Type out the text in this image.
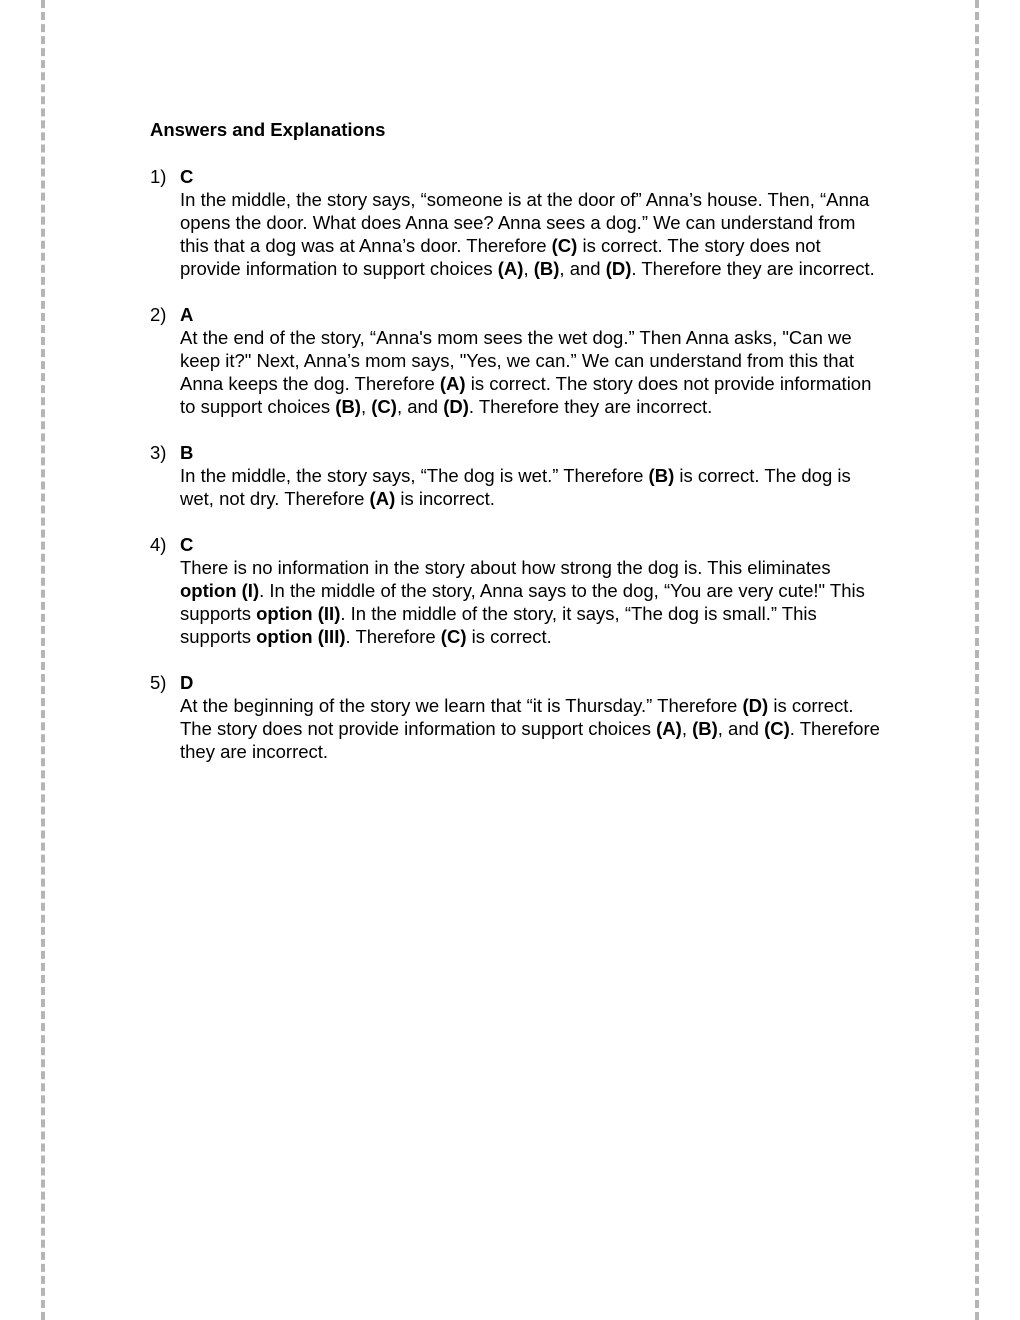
Answers and Explanations
1) C
In the middle, the story says, “someone is at the door of” Anna’s house. Then, “Anna opens the door. What does Anna see? Anna sees a dog.” We can understand from this that a dog was at Anna’s door. Therefore (C) is correct. The story does not provide information to support choices (A), (B), and (D). Therefore they are incorrect.
2) A
At the end of the story, “Anna's mom sees the wet dog.” Then Anna asks, "Can we keep it?" Next, Anna’s mom says, "Yes, we can.” We can understand from this that Anna keeps the dog. Therefore (A) is correct. The story does not provide information to support choices (B), (C), and (D). Therefore they are incorrect.
3) B
In the middle, the story says, “The dog is wet.” Therefore (B) is correct. The dog is wet, not dry. Therefore (A) is incorrect.
4) C
There is no information in the story about how strong the dog is. This eliminates option (I). In the middle of the story, Anna says to the dog, “You are very cute!" This supports option (II). In the middle of the story, it says, “The dog is small.” This supports option (III). Therefore (C) is correct.
5) D
At the beginning of the story we learn that “it is Thursday.” Therefore (D) is correct. The story does not provide information to support choices (A), (B), and (C). Therefore they are incorrect.
